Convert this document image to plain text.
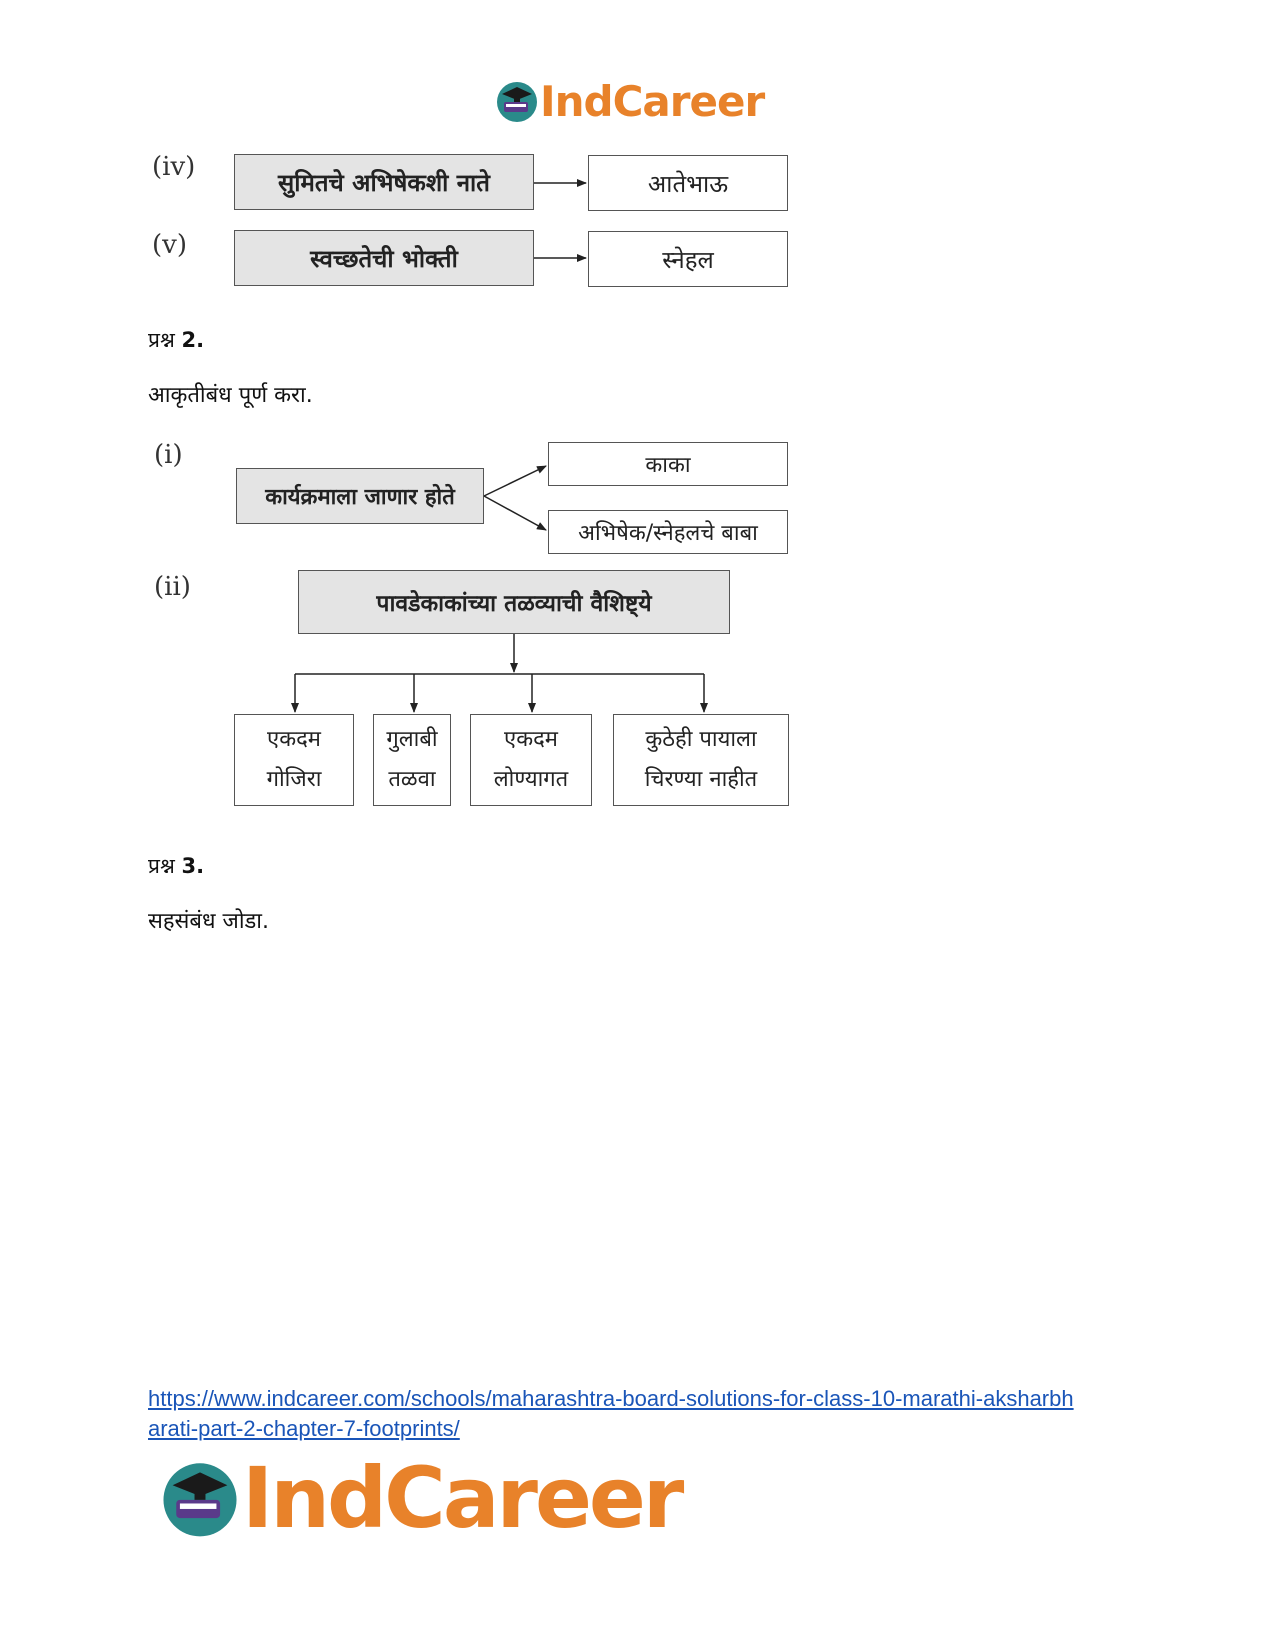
IndCareer
(iv)
सुमितचे अभिषेकशी नाते	आतेभाऊ
(v)	स्वच्छतेची भोक्ती	स्नेहल
प्रश्न 2.
आकृतीबंध पूर्ण करा.
(i)
कार्यक्रमाला जाणार होते
काका
अभिषेक/स्नेहलचे बाबा
(ii)
पावडेकाकांच्या तळव्याची वैशिष्ट्ये
एकदम
गोजिरा
गुलाबी
तळवा
एकदम
लोण्यागत
कुठेही पायाला
चिरण्या नाहीत
प्रश्न 3.
सहसंबंध जोडा.
https://www.indcareer.com/schools/maharashtra-board-solutions-for-class-10-marathi-aksharbh
arati-part-2-chapter-7-footprints/
IndCareer
